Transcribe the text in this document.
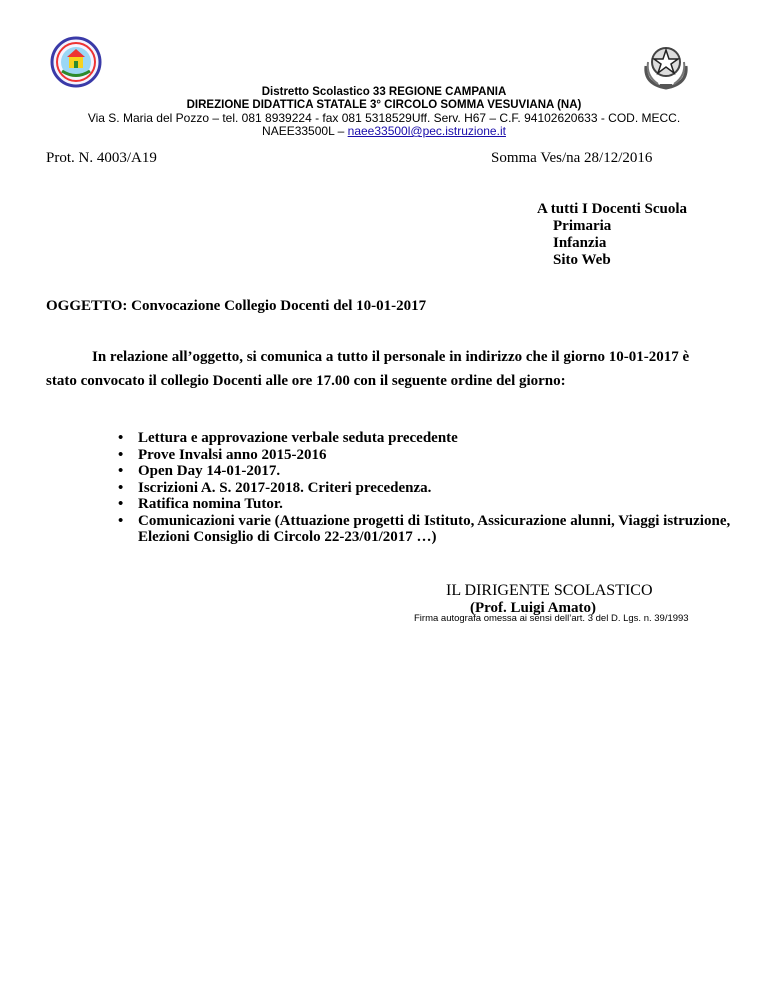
Distretto Scolastico 33 REGIONE CAMPANIA
DIREZIONE DIDATTICA STATALE 3° CIRCOLO SOMMA VESUVIANA (NA)
Via S. Maria del Pozzo – tel. 081 8939224 - fax 081 5318529Uff. Serv. H67 – C.F. 94102620633 - COD. MECC.
NAEE33500L – naee33500l@pec.istruzione.it
Prot. N. 4003/A19	Somma Ves/na 28/12/2016
A tutti I Docenti Scuola
Primaria
Infanzia
Sito Web
OGGETTO: Convocazione Collegio Docenti del 10-01-2017
In relazione all’oggetto, si comunica a tutto il personale in indirizzo che il giorno 10-01-2017 è
stato convocato il collegio Docenti alle ore 17.00 con il seguente ordine del giorno:
• Lettura e approvazione verbale seduta precedente
• Prove Invalsi anno 2015-2016
• Open Day 14-01-2017.
• Iscrizioni A. S. 2017-2018. Criteri precedenza.
• Ratifica nomina Tutor.
• Comunicazioni varie (Attuazione progetti di Istituto, Assicurazione alunni, Viaggi istruzione, Elezioni Consiglio di Circolo 22-23/01/2017 …)
IL DIRIGENTE SCOLASTICO
(Prof. Luigi Amato)
Firma autografa omessa ai sensi dell’art. 3 del D. Lgs. n. 39/1993
